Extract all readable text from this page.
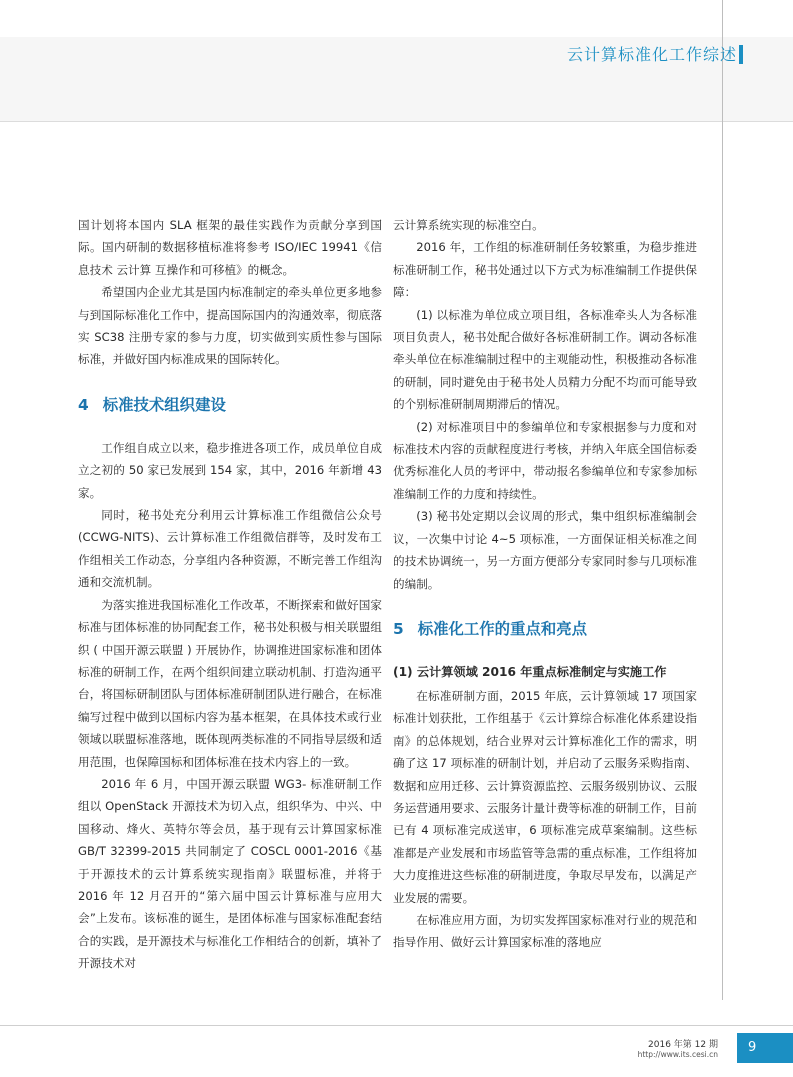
云计算标准化工作综述

国计划将本国内 SLA 框架的最佳实践作为贡献分享到国际。国内研制的数据移植标准将参考 ISO/IEC 19941《信息技术 云计算 互操作和可移植》的概念。

希望国内企业尤其是国内标准制定的牵头单位更多地参与到国际标准化工作中，提高国际国内的沟通效率，彻底落实 SC38 注册专家的参与力度，切实做到实质性参与国际标准，并做好国内标准成果的国际转化。

4 标准技术组织建设

工作组自成立以来，稳步推进各项工作，成员单位自成立之初的 50 家已发展到 154 家，其中，2016 年新增 43 家。

同时，秘书处充分利用云计算标准工作组微信公众号 (CCWG-NITS)、云计算标准工作组微信群等，及时发布工作组相关工作动态，分享组内各种资源，不断完善工作组沟通和交流机制。

为落实推进我国标准化工作改革，不断探索和做好国家标准与团体标准的协同配套工作，秘书处积极与相关联盟组织 ( 中国开源云联盟 ) 开展协作，协调推进国家标准和团体标准的研制工作，在两个组织间建立联动机制、打造沟通平台，将国标研制团队与团体标准研制团队进行融合，在标准编写过程中做到以国标内容为基本框架，在具体技术或行业领域以联盟标准落地，既体现两类标准的不同指导层级和适用范围，也保障国标和团体标准在技术内容上的一致。

2016 年 6 月，中国开源云联盟 WG3- 标准研制工作组以 OpenStack 开源技术为切入点，组织华为、中兴、中国移动、烽火、英特尔等会员，基于现有云计算国家标准 GB/T 32399-2015 共同制定了 COSCL 0001-2016《基于开源技术的云计算系统实现指南》联盟标准，并将于 2016 年 12 月召开的“第六届中国云计算标准与应用大会”上发布。该标准的诞生，是团体标准与国家标准配套结合的实践，是开源技术与标准化工作相结合的创新，填补了开源技术对

云计算系统实现的标准空白。

2016 年，工作组的标准研制任务较繁重，为稳步推进标准研制工作，秘书处通过以下方式为标准编制工作提供保障：

(1) 以标准为单位成立项目组，各标准牵头人为各标准项目负责人，秘书处配合做好各标准研制工作。调动各标准牵头单位在标准编制过程中的主观能动性，积极推动各标准的研制，同时避免由于秘书处人员精力分配不均而可能导致的个别标准研制周期滞后的情况。

(2) 对标准项目中的参编单位和专家根据参与力度和对标准技术内容的贡献程度进行考核，并纳入年底全国信标委优秀标准化人员的考评中，带动报名参编单位和专家参加标准编制工作的力度和持续性。

(3) 秘书处定期以会议周的形式，集中组织标准编制会议，一次集中讨论 4~5 项标准，一方面保证相关标准之间的技术协调统一，另一方面方便部分专家同时参与几项标准的编制。

5 标准化工作的重点和亮点
(1) 云计算领域 2016 年重点标准制定与实施工作

在标准研制方面，2015 年底，云计算领域 17 项国家标准计划获批，工作组基于《云计算综合标准化体系建设指南》的总体规划，结合业界对云计算标准化工作的需求，明确了这 17 项标准的研制计划，并启动了云服务采购指南、数据和应用迁移、云计算资源监控、云服务级别协议、云服务运营通用要求、云服务计量计费等标准的研制工作，目前已有 4 项标准完成送审，6 项标准完成草案编制。这些标准都是产业发展和市场监管等急需的重点标准，工作组将加大力度推进这些标准的研制进度，争取尽早发布，以满足产业发展的需要。

在标准应用方面，为切实发挥国家标准对行业的规范和指导作用、做好云计算国家标准的落地应

2016 年第 12 期
http://www.its.cesi.cn	9
